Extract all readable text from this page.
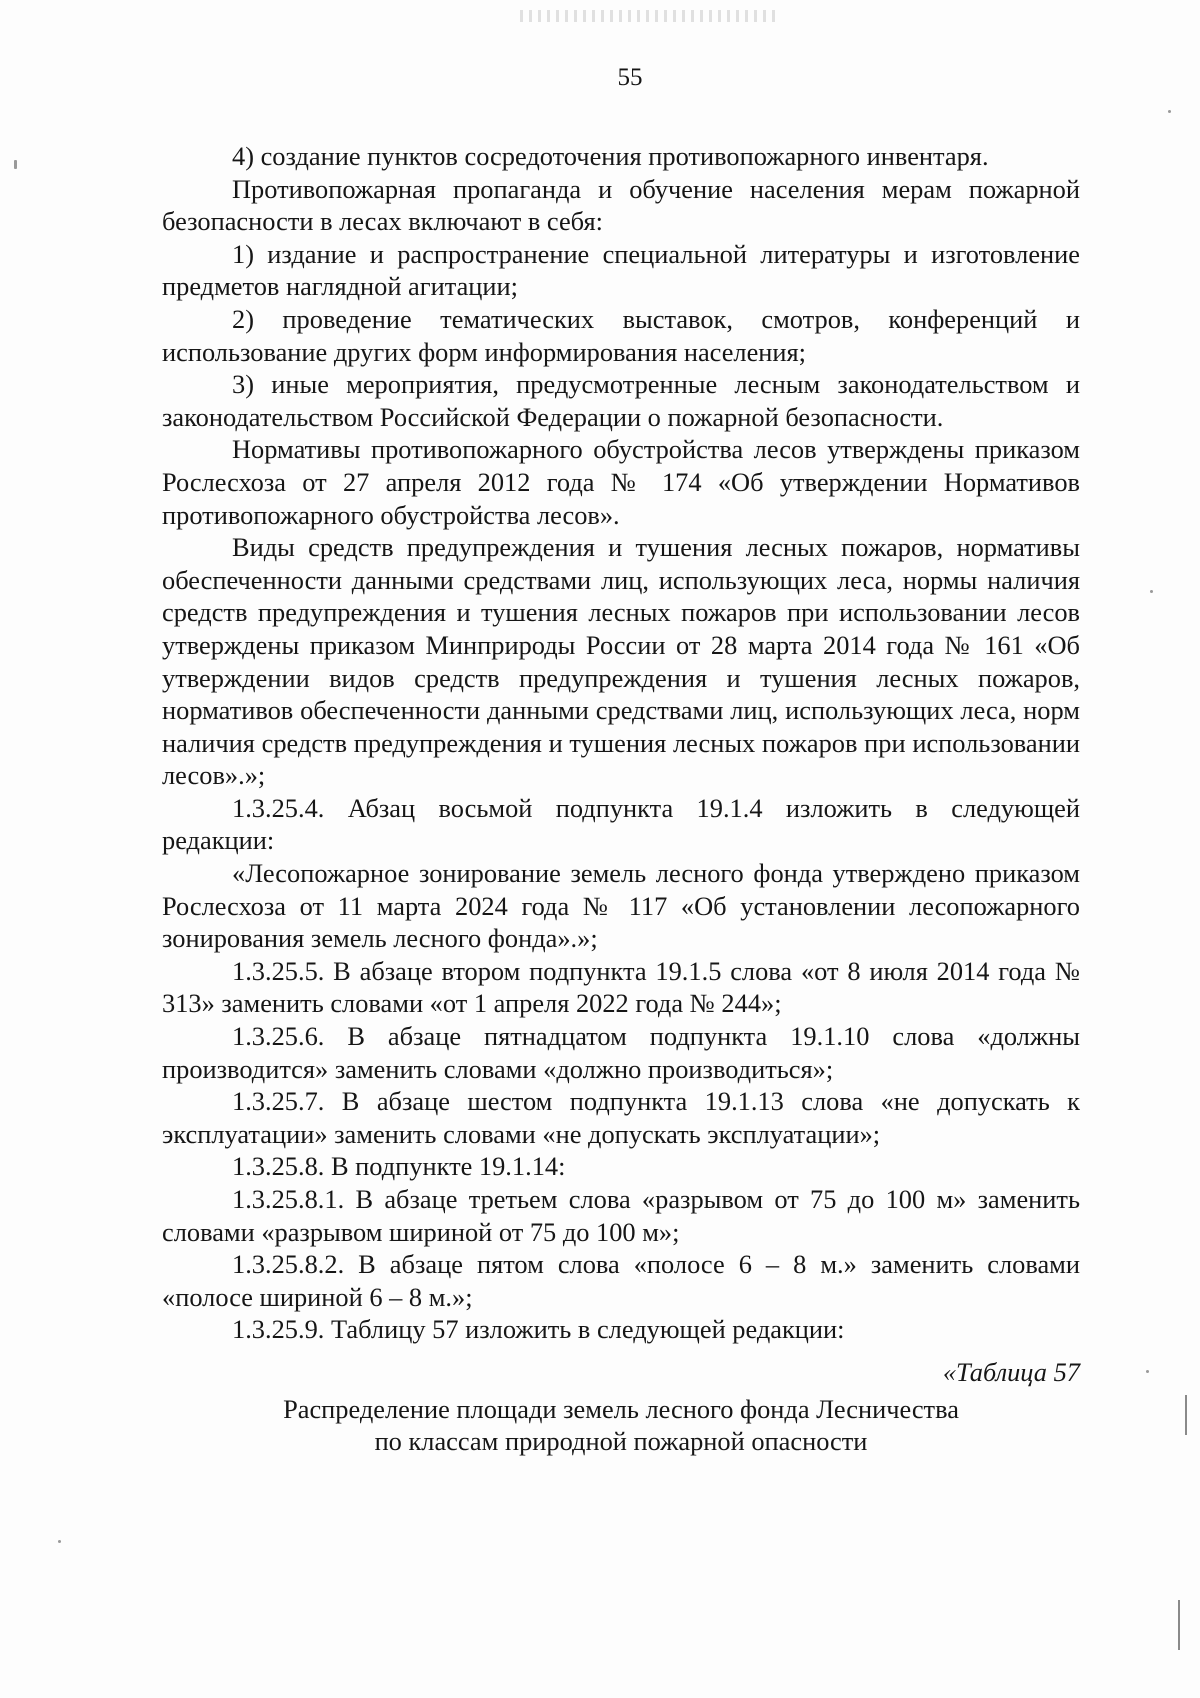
55

4) создание пунктов сосредоточения противопожарного инвентаря.

Противопожарная пропаганда и обучение населения мерам пожарной безопасности в лесах включают в себя:

1) издание и распространение специальной литературы и изготовление предметов наглядной агитации;

2) проведение тематических выставок, смотров, конференций и использование других форм информирования населения;

3) иные мероприятия, предусмотренные лесным законодательством и законодательством Российской Федерации о пожарной безопасности.

Нормативы противопожарного обустройства лесов утверждены приказом Рослесхоза от 27 апреля 2012 года № 174 «Об утверждении Нормативов противопожарного обустройства лесов».

Виды средств предупреждения и тушения лесных пожаров, нормативы обеспеченности данными средствами лиц, использующих леса, нормы наличия средств предупреждения и тушения лесных пожаров при использовании лесов утверждены приказом Минприроды России от 28 марта 2014 года № 161 «Об утверждении видов средств предупреждения и тушения лесных пожаров, нормативов обеспеченности данными средствами лиц, использующих леса, норм наличия средств предупреждения и тушения лесных пожаров при использовании лесов».»;

1.3.25.4. Абзац восьмой подпункта 19.1.4 изложить в следующей редакции:

«Лесопожарное зонирование земель лесного фонда утверждено приказом Рослесхоза от 11 марта 2024 года № 117 «Об установлении лесопожарного зонирования земель лесного фонда».»;

1.3.25.5. В абзаце втором подпункта 19.1.5 слова «от 8 июля 2014 года № 313» заменить словами «от 1 апреля 2022 года № 244»;

1.3.25.6. В абзаце пятнадцатом подпункта 19.1.10 слова «должны производится» заменить словами «должно производиться»;

1.3.25.7. В абзаце шестом подпункта 19.1.13 слова «не допускать к эксплуатации» заменить словами «не допускать эксплуатации»;

1.3.25.8. В подпункте 19.1.14:

1.3.25.8.1. В абзаце третьем слова «разрывом от 75 до 100 м» заменить словами «разрывом шириной от 75 до 100 м»;

1.3.25.8.2. В абзаце пятом слова «полосе 6 – 8 м.» заменить словами «полосе шириной 6 – 8 м.»;

1.3.25.9. Таблицу 57 изложить в следующей редакции:

«Таблица 57

Распределение площади земель лесного фонда Лесничества
по классам природной пожарной опасности
